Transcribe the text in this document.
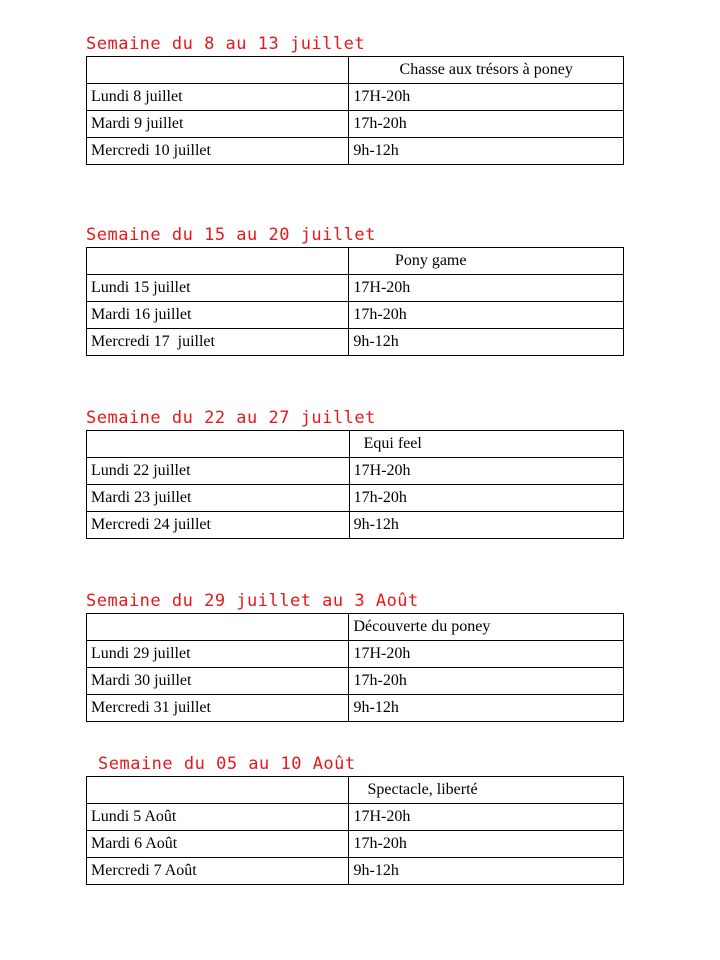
Semaine du 8 au 13 juillet
	Chasse aux trésors à poney
Lundi 8 juillet	17H-20h
Mardi 9 juillet	17h-20h
Mercredi 10 juillet	9h-12h
Semaine du 15 au 20 juillet
	Pony game
Lundi 15 juillet	17H-20h
Mardi 16 juillet	17h-20h
Mercredi 17  juillet	9h-12h
Semaine du 22 au 27 juillet
	Equi feel
Lundi 22 juillet	17H-20h
Mardi 23 juillet	17h-20h
Mercredi 24 juillet	9h-12h
Semaine du 29 juillet au 3 Août
	Découverte du poney
Lundi 29 juillet	17H-20h
Mardi 30 juillet	17h-20h
Mercredi 31 juillet	9h-12h
Semaine du 05 au 10 Août
	Spectacle, liberté
Lundi 5 Août	17H-20h
Mardi 6 Août	17h-20h
Mercredi 7 Août	9h-12h
